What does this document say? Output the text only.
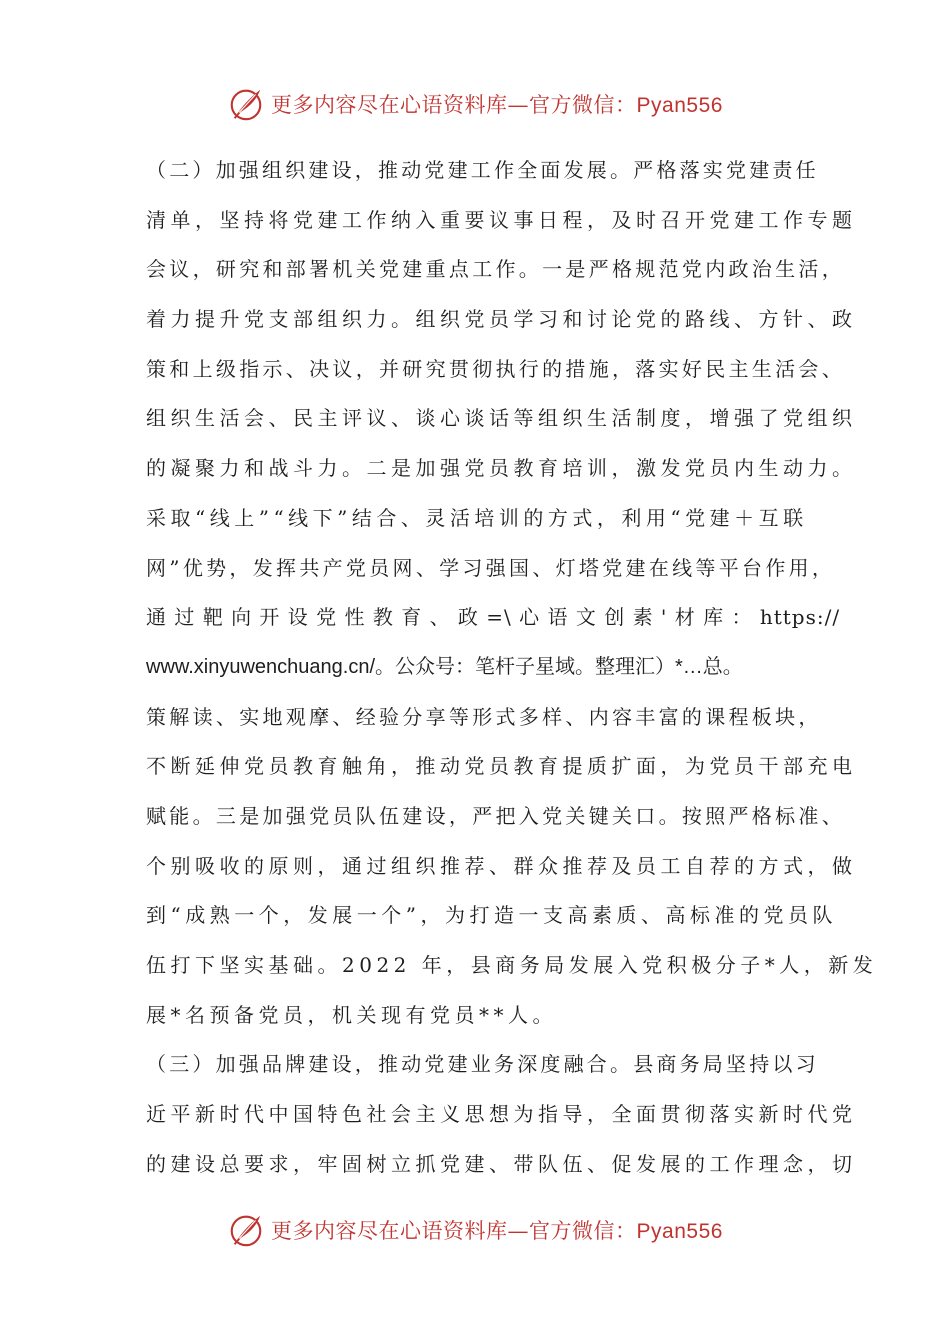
更多内容尽在心语资料库—官方微信：Pyan556
（二）加强组织建设，推动党建工作全面发展。严格落实党建责任
清单，坚持将党建工作纳入重要议事日程，及时召开党建工作专题
会议，研究和部署机关党建重点工作。一是严格规范党内政治生活，
着力提升党支部组织力。组织党员学习和讨论党的路线、方针、政
策和上级指示、决议，并研究贯彻执行的措施，落实好民主生活会、
组织生活会、民主评议、谈心谈话等组织生活制度，增强了党组织
的凝聚力和战斗力。二是加强党员教育培训，激发党员内生动力。
采取“线上”“线下”结合、灵活培训的方式，利用“党建＋互联
网”优势，发挥共产党员网、学习强国、灯塔党建在线等平台作用，
通 过 靶 向 开 设 党 性 教 育 、 政 =\ 心 语 文 创 素 ' 材 库 ： https://
www.xinyuwenchuang.cn/。公众号：笔杆子星域。整理汇）*…总。
策解读、实地观摩、经验分享等形式多样、内容丰富的课程板块，
不断延伸党员教育触角，推动党员教育提质扩面，为党员干部充电
赋能。三是加强党员队伍建设，严把入党关键关口。按照严格标准、
个别吸收的原则，通过组织推荐、群众推荐及员工自荐的方式，做
到“成熟一个，发展一个”，为打造一支高素质、高标准的党员队
伍打下坚实基础。2022 年，县商务局发展入党积极分子*人，新发
展*名预备党员，机关现有党员**人。
（三）加强品牌建设，推动党建业务深度融合。县商务局坚持以习
近平新时代中国特色社会主义思想为指导，全面贯彻落实新时代党
的建设总要求，牢固树立抓党建、带队伍、促发展的工作理念，切
更多内容尽在心语资料库—官方微信：Pyan556
